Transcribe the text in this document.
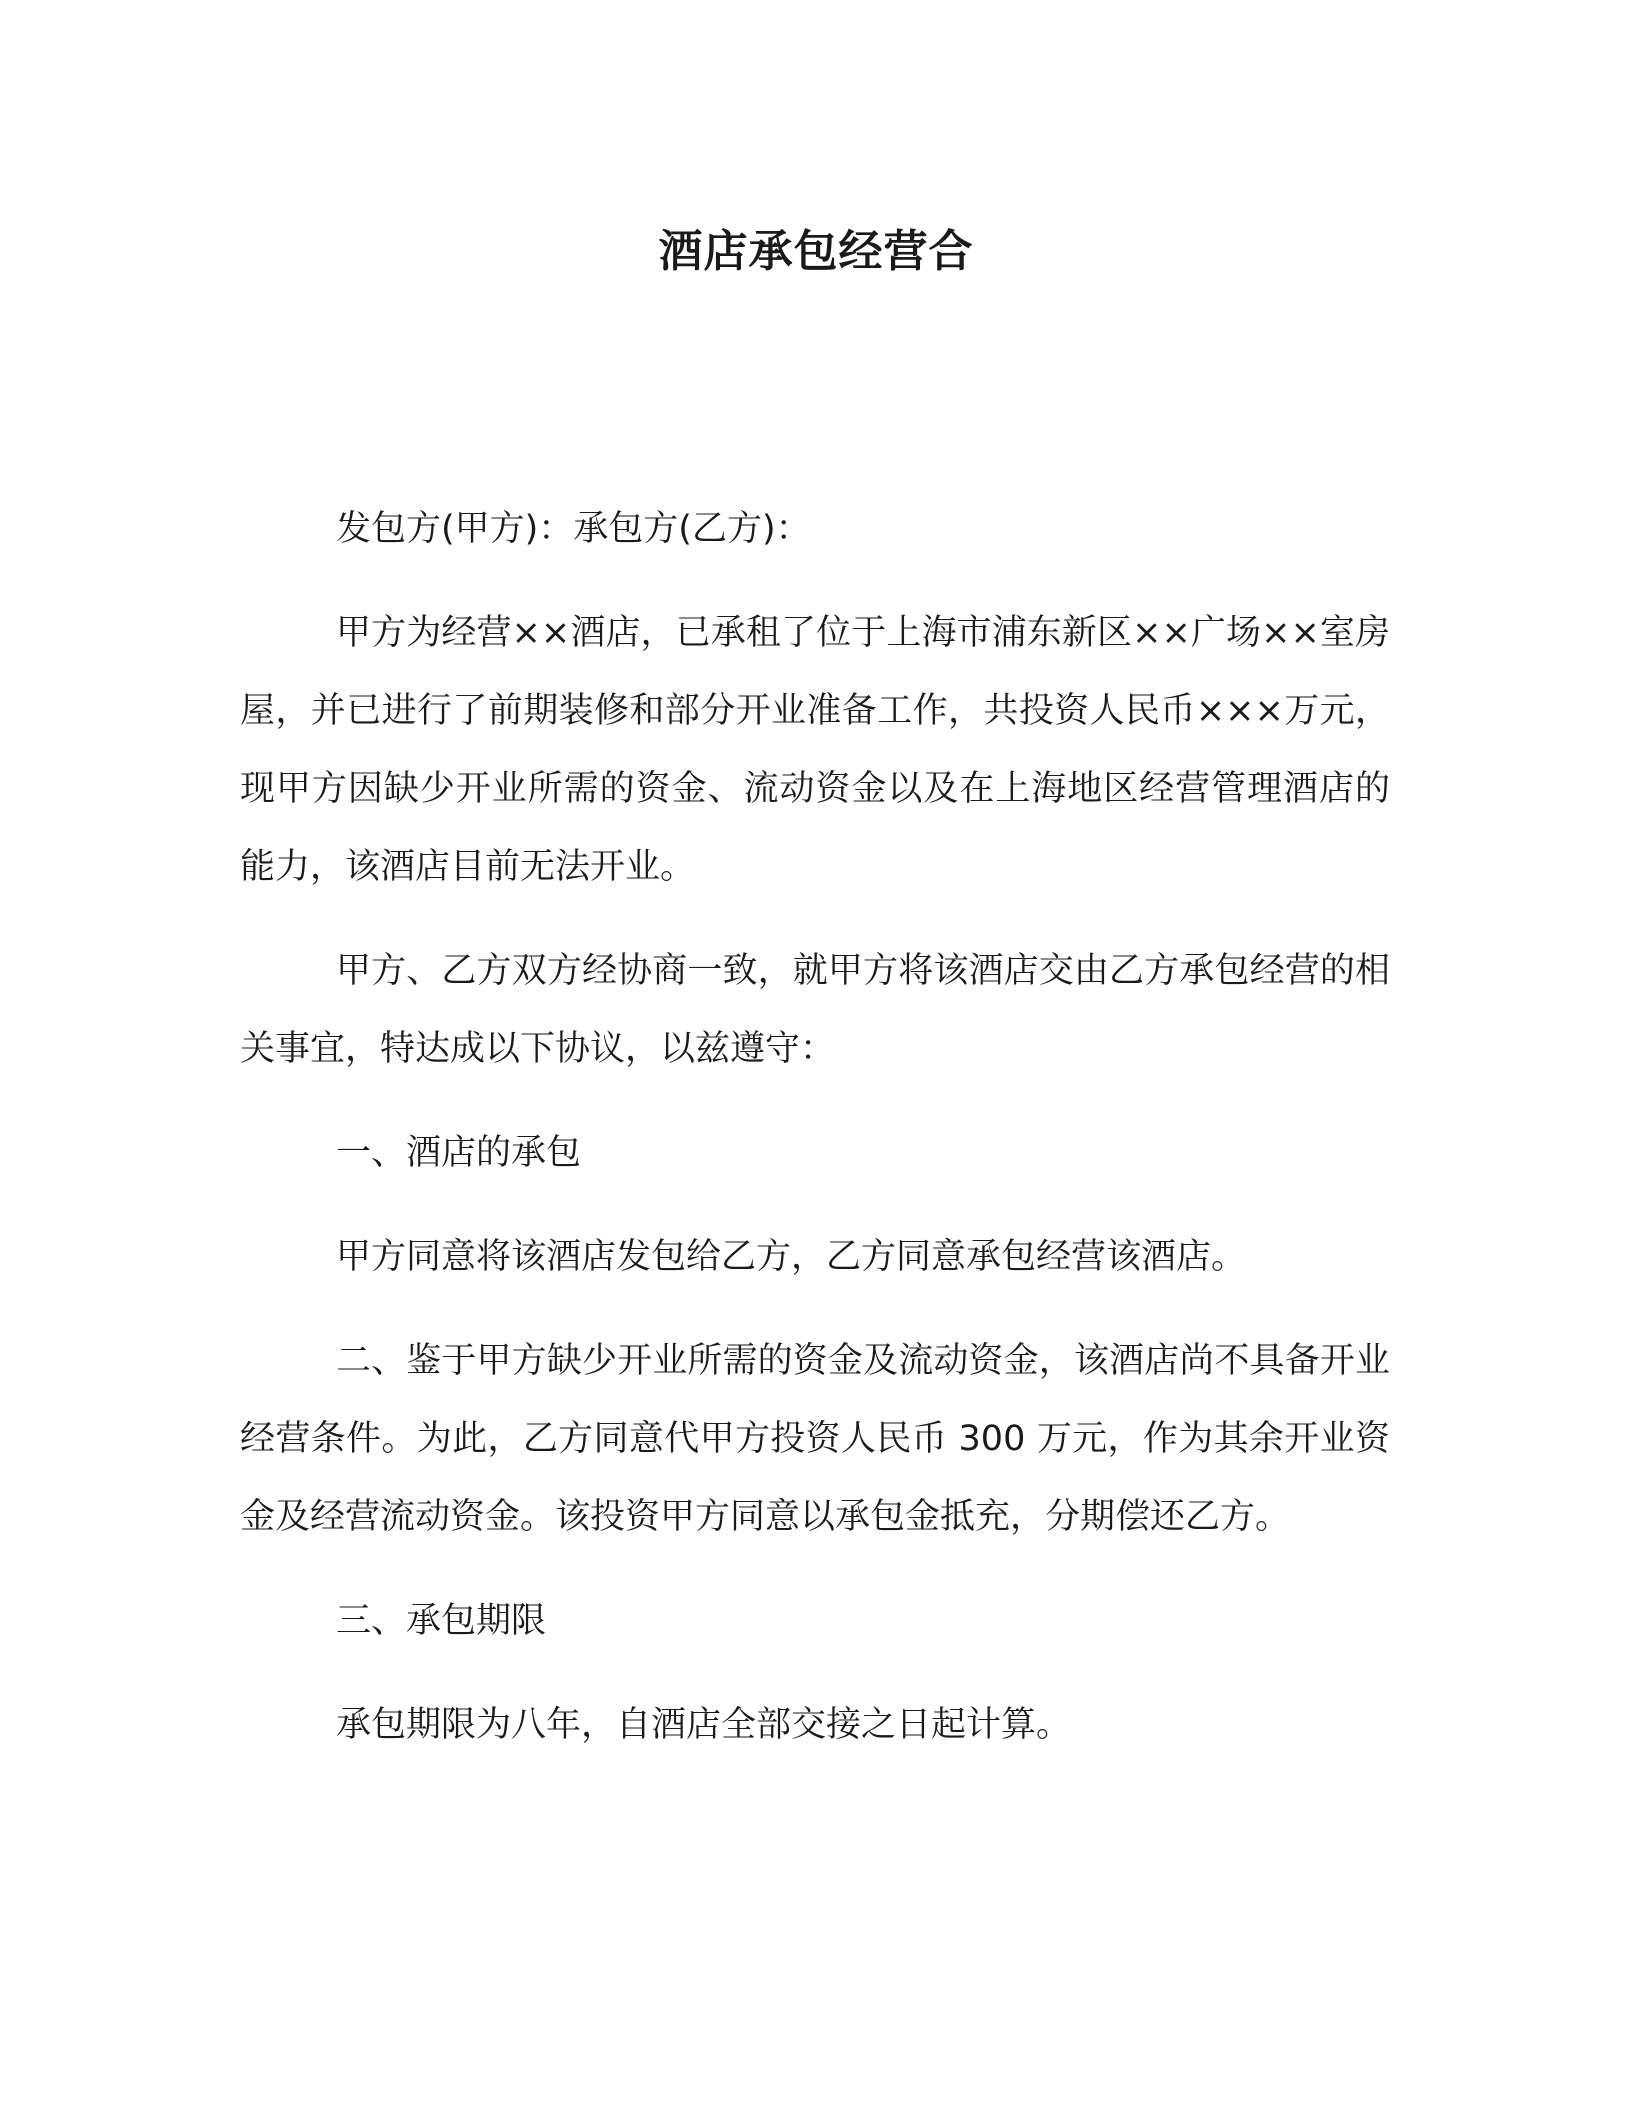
酒店承包经营合

发包方(甲方)：承包方(乙方)：

甲方为经营××酒店，已承租了位于上海市浦东新区××广场××室房屋，并已进行了前期装修和部分开业准备工作，共投资人民币×××万元，现甲方因缺少开业所需的资金、流动资金以及在上海地区经营管理酒店的能力，该酒店目前无法开业。

甲方、乙方双方经协商一致，就甲方将该酒店交由乙方承包经营的相关事宜，特达成以下协议，以兹遵守：

一、酒店的承包

甲方同意将该酒店发包给乙方，乙方同意承包经营该酒店。

二、鉴于甲方缺少开业所需的资金及流动资金，该酒店尚不具备开业经营条件。为此，乙方同意代甲方投资人民币 300 万元，作为其余开业资金及经营流动资金。该投资甲方同意以承包金抵充，分期偿还乙方。

三、承包期限

承包期限为八年，自酒店全部交接之日起计算。
